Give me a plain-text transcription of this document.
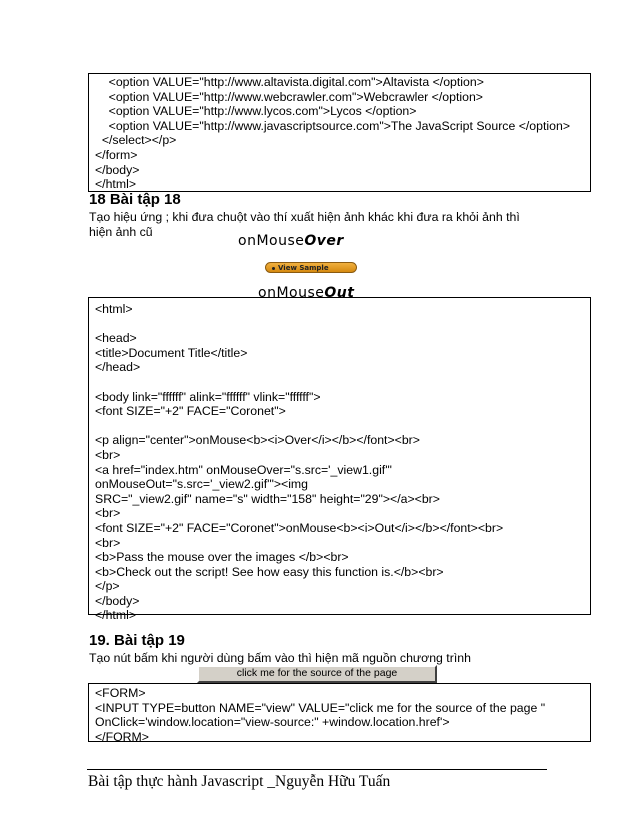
<option VALUE="http://www.altavista.digital.com">Altavista </option>
<option VALUE="http://www.webcrawler.com">Webcrawler </option>
<option VALUE="http://www.lycos.com">Lycos </option>
<option VALUE="http://www.javascriptsource.com">The JavaScript Source </option>
</select></p>
</form>
</body>
</html>
18 Bài tập 18
Tạo hiệu ứng ; khi đưa chuột vào thí xuất hiện ảnh khác khi đưa ra khỏi ảnh thì
hiện ảnh cũ
onMouseOver
View Sample
onMouseOut
<html>
<head>
<title>Document Title</title>
</head>
<body link="ffffff" alink="ffffff" vlink="ffffff">
<font SIZE="+2" FACE="Coronet">
<p align="center">onMouse<b><i>Over</i></b></font><br>
<br>
<a href="index.htm" onMouseOver="s.src='_view1.gif'"
onMouseOut="s.src='_view2.gif'"><img
SRC="_view2.gif" name="s" width="158" height="29"></a><br>
<br>
<font SIZE="+2" FACE="Coronet">onMouse<b><i>Out</i></b></font><br>
<br>
<b>Pass the mouse over the images </b><br>
<b>Check out the script! See how easy this function is.</b><br>
</p>
</body>
</html>
19. Bài tập 19
Tạo nút bấm khi người dùng bấm vào thì hiện mã nguồn chương trình
click me for the source of the page
<FORM>
<INPUT TYPE=button NAME="view" VALUE="click me for the source of the page "
OnClick='window.location="view-source:" +window.location.href'>
</FORM>
Bài tập thực hành Javascript _Nguyễn Hữu Tuấn
